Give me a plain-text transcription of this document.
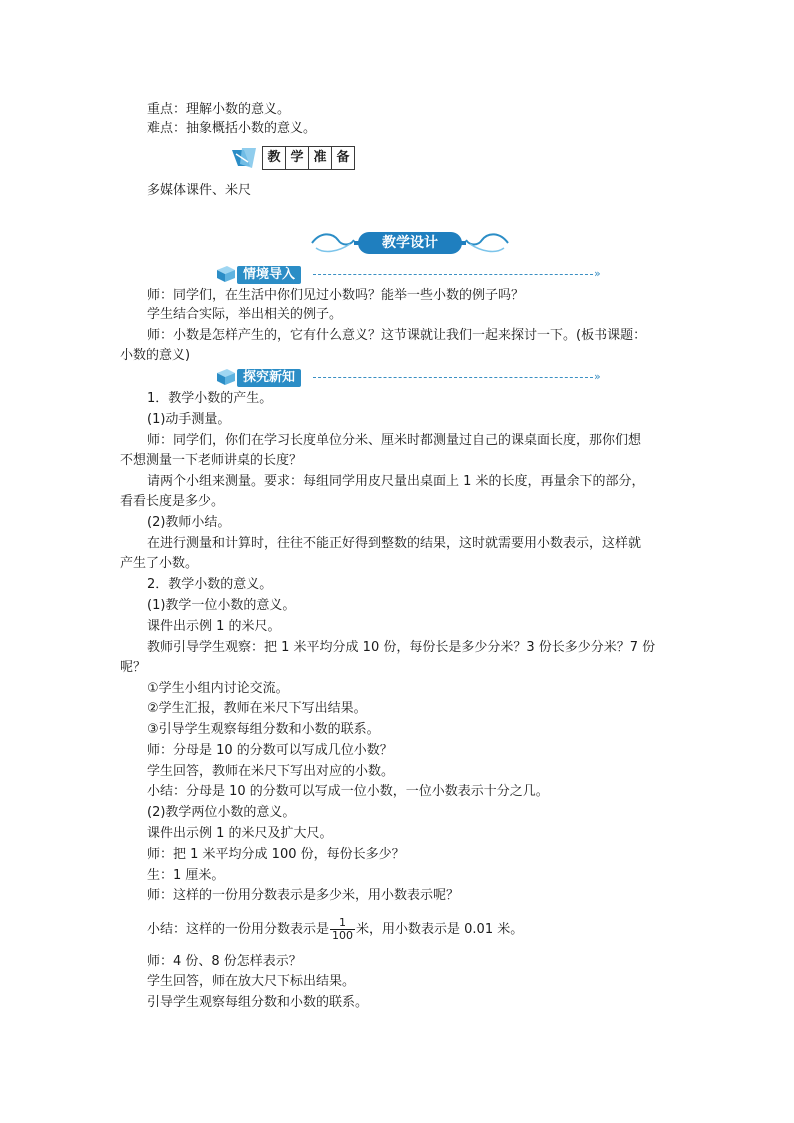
重点：理解小数的意义。
难点：抽象概括小数的意义。
多媒体课件、米尺
师：同学们，在生活中你们见过小数吗？能举一些小数的例子吗？
学生结合实际，举出相关的例子。
师：小数是怎样产生的，它有什么意义？这节课就让我们一起来探讨一下。(板书课题：
小数的意义)
1．教学小数的产生。
(1)动手测量。
师：同学们，你们在学习长度单位分米、厘米时都测量过自己的课桌面长度，那你们想
不想测量一下老师讲桌的长度？
请两个小组来测量。要求：每组同学用皮尺量出桌面上 1 米的长度，再量余下的部分，
看看长度是多少。
(2)教师小结。
在进行测量和计算时，往往不能正好得到整数的结果，这时就需要用小数表示，这样就
产生了小数。
2．教学小数的意义。
(1)教学一位小数的意义。
课件出示例 1 的米尺。
教师引导学生观察：把 1 米平均分成 10 份，每份长是多少分米？3 份长多少分米？7 份
呢？
①学生小组内讨论交流。
②学生汇报，教师在米尺下写出结果。
③引导学生观察每组分数和小数的联系。
师：分母是 10 的分数可以写成几位小数？
学生回答，教师在米尺下写出对应的小数。
小结：分母是 10 的分数可以写成一位小数，一位小数表示十分之几。
(2)教学两位小数的意义。
课件出示例 1 的米尺及扩大尺。
师：把 1 米平均分成 100 份，每份长多少？
生：1 厘米。
师：这样的一份用分数表示是多少米，用小数表示呢？
小结：这样的一份用分数表示是 $\frac{1}{100}$ 米，用小数表示是 0.01 米。
师：4 份、8 份怎样表示？
学生回答，师在放大尺下标出结果。
引导学生观察每组分数和小数的联系。
教 学 准 备
教学设计
情境导入	»
探究新知	»
